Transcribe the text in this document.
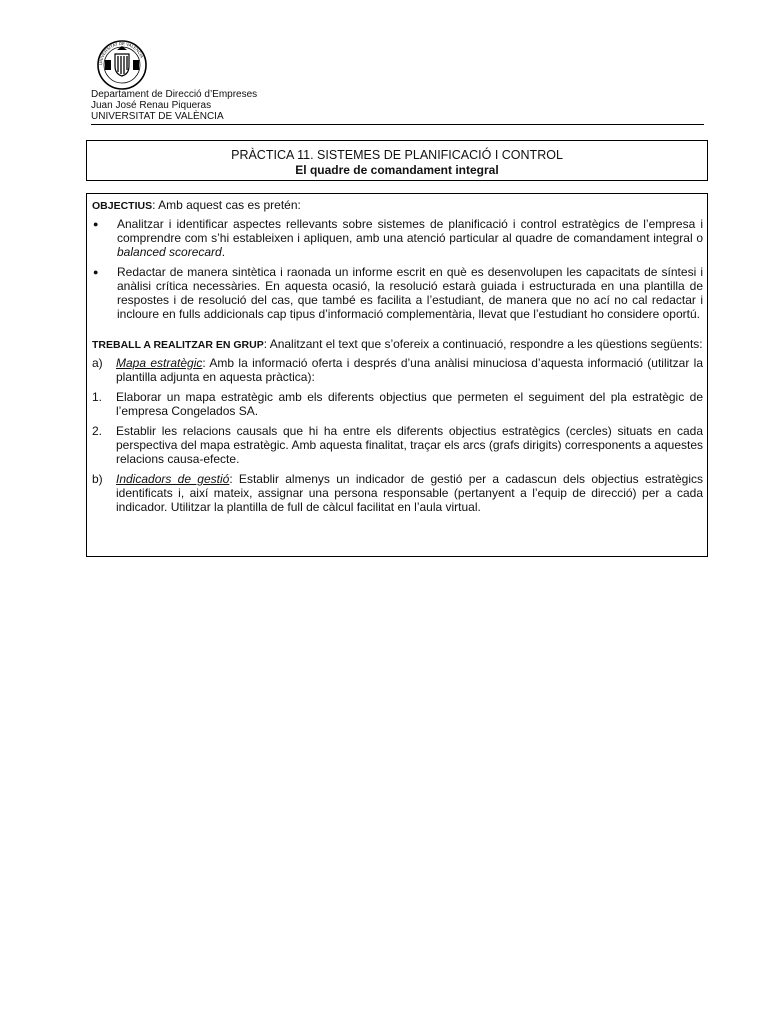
UNIVERSITAT DE VALÈNCIA
Departament de Direcció d’Empreses
Juan José Renau Piqueras
UNIVERSITAT DE VALÈNCIA
PRÀCTICA 11. SISTEMES DE PLANIFICACIÓ I CONTROL
El quadre de comandament integral
OBJECTIUS: Amb aquest cas es pretén:
●	Analitzar i identificar aspectes rellevants sobre sistemes de planificació i control estratègics de l’empresa i comprendre com s’hi estableixen i apliquen, amb una atenció particular al quadre de comandament integral o balanced scorecard.
●	Redactar de manera sintètica i raonada un informe escrit en què es desenvolupen les capacitats de síntesi i anàlisi crítica necessàries. En aquesta ocasió, la resolució estarà guiada i estructurada en una plantilla de respostes i de resolució del cas, que també es facilita a l’estudiant, de manera que no ací no cal redactar i incloure en fulls addicionals cap tipus d’informació complementària, llevat que l’estudiant ho considere oportú.
TREBALL A REALITZAR EN GRUP: Analitzant el text que s’ofereix a continuació, respondre a les qüestions següents:
a)	Mapa estratègic: Amb la informació oferta i després d’una anàlisi minuciosa d’aquesta informació (utilitzar la plantilla adjunta en aquesta pràctica):
1.	Elaborar un mapa estratègic amb els diferents objectius que permeten el seguiment del pla estratègic de l’empresa Congelados SA.
2.	Establir les relacions causals que hi ha entre els diferents objectius estratègics (cercles) situats en cada perspectiva del mapa estratègic. Amb aquesta finalitat, traçar els arcs (grafs dirigits) corresponents a aquestes relacions causa-efecte.
b)	Indicadors de gestió: Establir almenys un indicador de gestió per a cadascun dels objectius estratègics identificats i, així mateix, assignar una persona responsable (pertanyent a l’equip de direcció) per a cada indicador. Utilitzar la plantilla de full de càlcul facilitat en l’aula virtual.
